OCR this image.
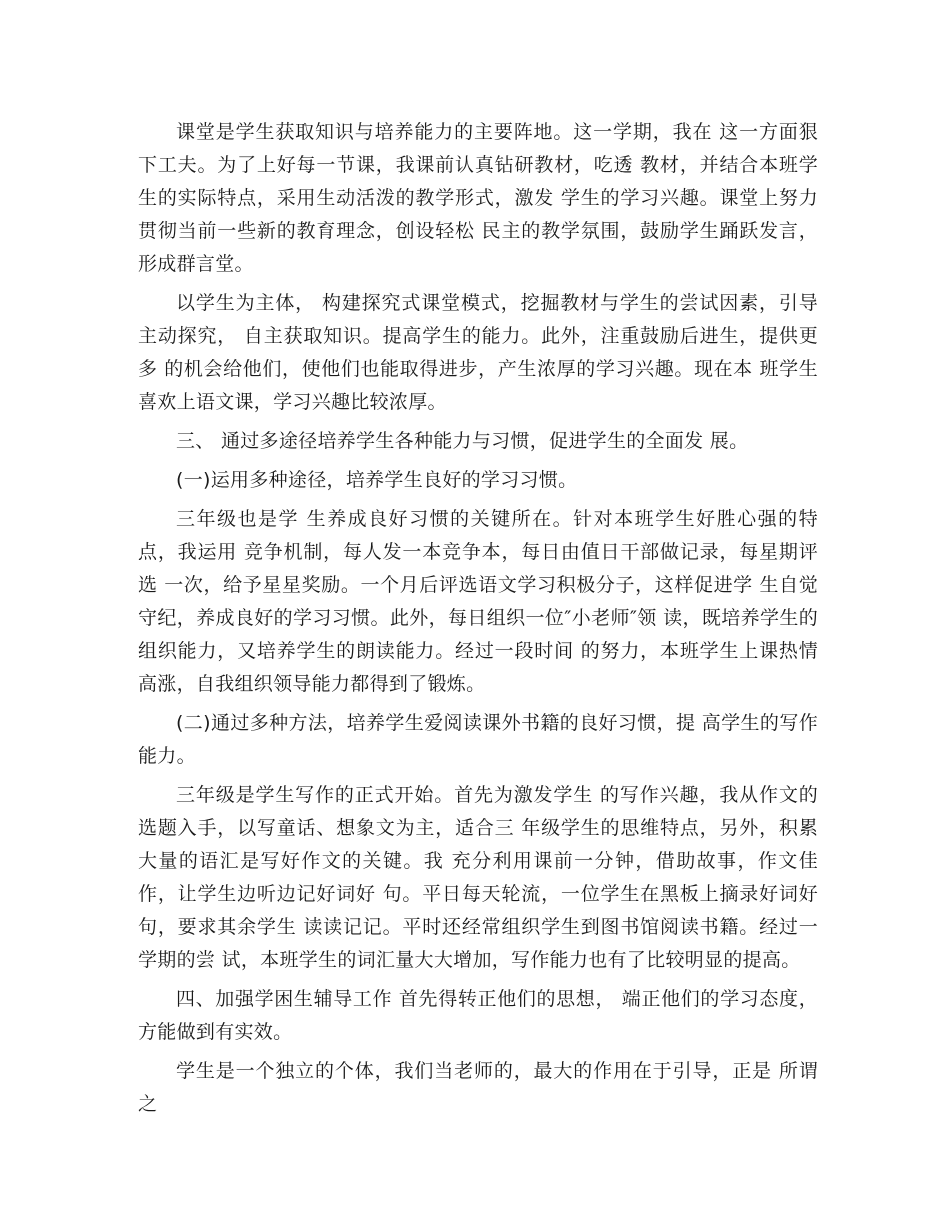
课堂是学生获取知识与培养能力的主要阵地。这一学期，我在 这一方面狠下工夫。为了上好每一节课，我课前认真钻研教材，吃透 教材，并结合本班学生的实际特点，采用生动活泼的教学形式，激发 学生的学习兴趣。课堂上努力贯彻当前一些新的教育理念，创设轻松 民主的教学氛围，鼓励学生踊跃发言，形成群言堂。

以学生为主体， 构建探究式课堂模式，挖掘教材与学生的尝试因素，引导主动探究， 自主获取知识。提高学生的能力。此外，注重鼓励后进生，提供更多 的机会给他们，使他们也能取得进步，产生浓厚的学习兴趣。现在本 班学生喜欢上语文课，学习兴趣比较浓厚。

三、 通过多途径培养学生各种能力与习惯，促进学生的全面发 展。

(一)运用多种途径，培养学生良好的学习习惯。

三年级也是学 生养成良好习惯的关键所在。针对本班学生好胜心强的特点，我运用 竞争机制，每人发一本竞争本，每日由值日干部做记录，每星期评选 一次，给予星星奖励。一个月后评选语文学习积极分子，这样促进学 生自觉守纪，养成良好的学习习惯。此外，每日组织一位″小老师″领 读，既培养学生的组织能力，又培养学生的朗读能力。经过一段时间 的努力，本班学生上课热情高涨，自我组织领导能力都得到了锻炼。

(二)通过多种方法，培养学生爱阅读课外书籍的良好习惯，提 高学生的写作能力。

三年级是学生写作的正式开始。首先为激发学生 的写作兴趣，我从作文的选题入手，以写童话、想象文为主，适合三 年级学生的思维特点，另外，积累大量的语汇是写好作文的关键。我 充分利用课前一分钟，借助故事，作文佳作，让学生边听边记好词好 句。平日每天轮流，一位学生在黑板上摘录好词好句，要求其余学生 读读记记。平时还经常组织学生到图书馆阅读书籍。经过一学期的尝 试，本班学生的词汇量大大增加，写作能力也有了比较明显的提高。

四、加强学困生辅导工作 首先得转正他们的思想， 端正他们的学习态度，方能做到有实效。

学生是一个独立的个体，我们当老师的，最大的作用在于引导，正是 所谓之
